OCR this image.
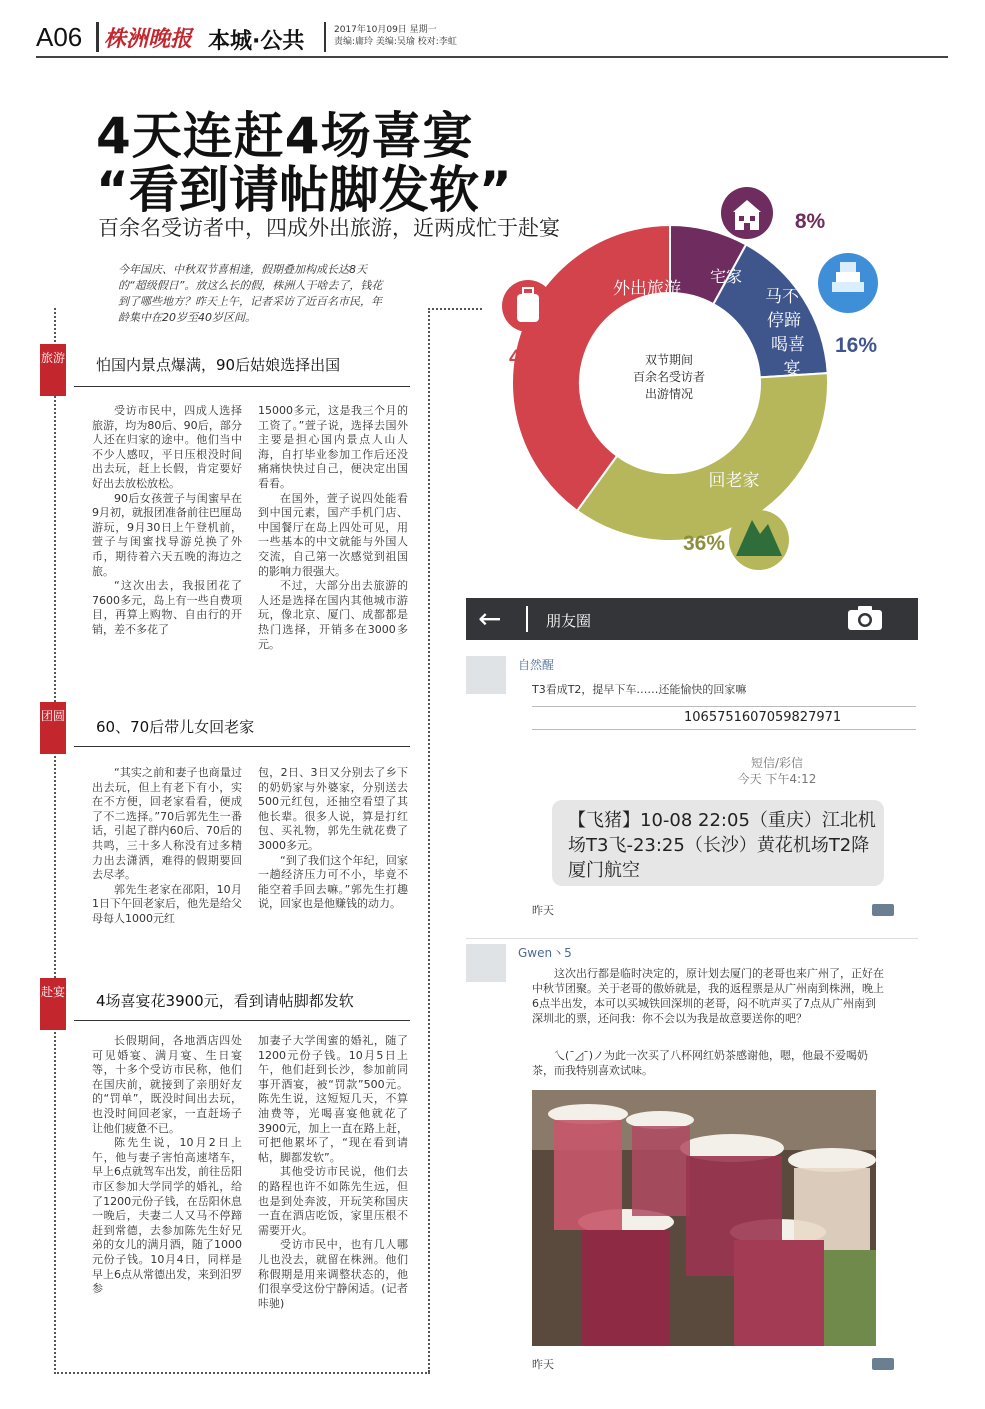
A06 株洲晚报 本城·公共	2017年10月09日 星期一
责编:庸玲 美编:吴瑜 校对:李虹
4天连赶4场喜宴
“看到请帖脚发软”
百余名受访者中，四成外出旅游，近两成忙于赴宴
今年国庆、中秋双节喜相逢，假期叠加构成长达8天的“超级假日”。放这么长的假，株洲人干啥去了，钱花到了哪些地方？昨天上午，记者采访了近百名市民，年龄集中在20岁至40岁区间。
旅游 怕国内景点爆满，90后姑娘选择出国

受访市民中，四成人选择旅游，均为80后、90后，部分人还在归家的途中。他们当中不少人感叹，平日压根没时间出去玩，赶上长假，肯定要好好出去放松放松。

90后女孩萱子与闺蜜早在9月初，就报团准备前往巴厘岛游玩，9月30日上午登机前，萱子与闺蜜找导游兑换了外币，期待着六天五晚的海边之旅。

“这次出去，我报团花了7600多元，岛上有一些自费项目，再算上购物、自由行的开销，差不多花了

15000多元，这是我三个月的工资了。”萱子说，选择去国外主要是担心国内景点人山人海，自打毕业参加工作后还没痛痛快快过自己，便决定出国看看。

在国外，萱子说四处能看到中国元素，国产手机门店、中国餐厅在岛上四处可见，用一些基本的中文就能与外国人交流，自己第一次感觉到祖国的影响力很强大。

不过，大部分出去旅游的人还是选择在国内其他城市游玩，像北京、厦门、成都都是热门选择，开销多在3000多元。

团圆
60、70后带儿女回老家

“其实之前和妻子也商量过出去玩，但上有老下有小，实在不方便，回老家看看，便成了不二选择。”70后郭先生一番话，引起了群内60后、70后的共鸣，三十多人称没有过多精力出去潇洒，难得的假期要回去尽孝。

郭先生老家在邵阳，10月1日下午回老家后，他先是给父母每人1000元红

包，2日、3日又分别去了乡下的奶奶家与外婆家，分别送去500元红包，还抽空看望了其他长辈。很多人说，算是打红包、买礼物，郭先生就花费了3000多元。

“到了我们这个年纪，回家一趟经济压力可不小，毕竟不能空着手回去嘛。”郭先生打趣说，回家也是他赚钱的动力。

赴宴 4场喜宴花3900元，看到请帖脚都发软

长假期间，各地酒店四处可见婚宴、满月宴、生日宴等，十多个受访市民称，他们在国庆前，就接到了亲朋好友的“罚单”，既没时间出去玩，也没时间回老家，一直赶场子让他们疲惫不已。

陈先生说，10月2日上午，他与妻子害怕高速堵车，早上6点就驾车出发，前往岳阳市区参加大学同学的婚礼，给了1200元份子钱，在岳阳休息一晚后，夫妻二人又马不停蹄赶到常德，去参加陈先生好兄弟的女儿的满月酒，随了1000元份子钱。10月4日，同样是早上6点从常德出发，来到汨罗参

加妻子大学闺蜜的婚礼，随了1200元份子钱。10月5日上午，他们赶到长沙，参加前同事开酒宴，被“罚款”500元。陈先生说，这短短几天，不算油费等，光喝喜宴他就花了3900元，加上一直在路上赶，可把他累坏了，“现在看到请帖，脚都发软”。

其他受访市民说，他们去的路程也许不如陈先生远，但也是到处奔波，开玩笑称国庆一直在酒店吃饭，家里压根不需要开火。

受访市民中，也有几人哪儿也没去，就留在株洲。他们称假期是用来调整状态的，他们很享受这份宁静闲适。(记者 咔驰)

外出旅游
宅家
马不
停蹄
喝喜
宴
回老家
40%
8%
16%
36%
双节期间
百余名受访者
出游情况
←	朋友圈
自然醒
T3看成T2，提早下车……还能愉快的回家嘛
1065751607059827971
短信/彩信
今天 下午4:12
【飞猪】10-08 22:05（重庆）江北机场T3飞-23:25（长沙）黄花机场T2降厦门航空
昨天
Gwen丶5
这次出行都是临时决定的，原计划去厦门的老哥也来广州了，正好在中秋节团聚。关于老哥的傲娇就是，我的返程票是从广州南到株洲，晚上6点半出发，本可以买城铁回深圳的老哥，闷不吭声买了7点从广州南到深圳北的票，还问我：你不会以为我是故意要送你的吧？
乀(ˉ◿ˉ)ノ为此一次买了八杯网红奶茶感谢他，嗯，他最不爱喝奶茶，而我特别喜欢试味。
昨天
